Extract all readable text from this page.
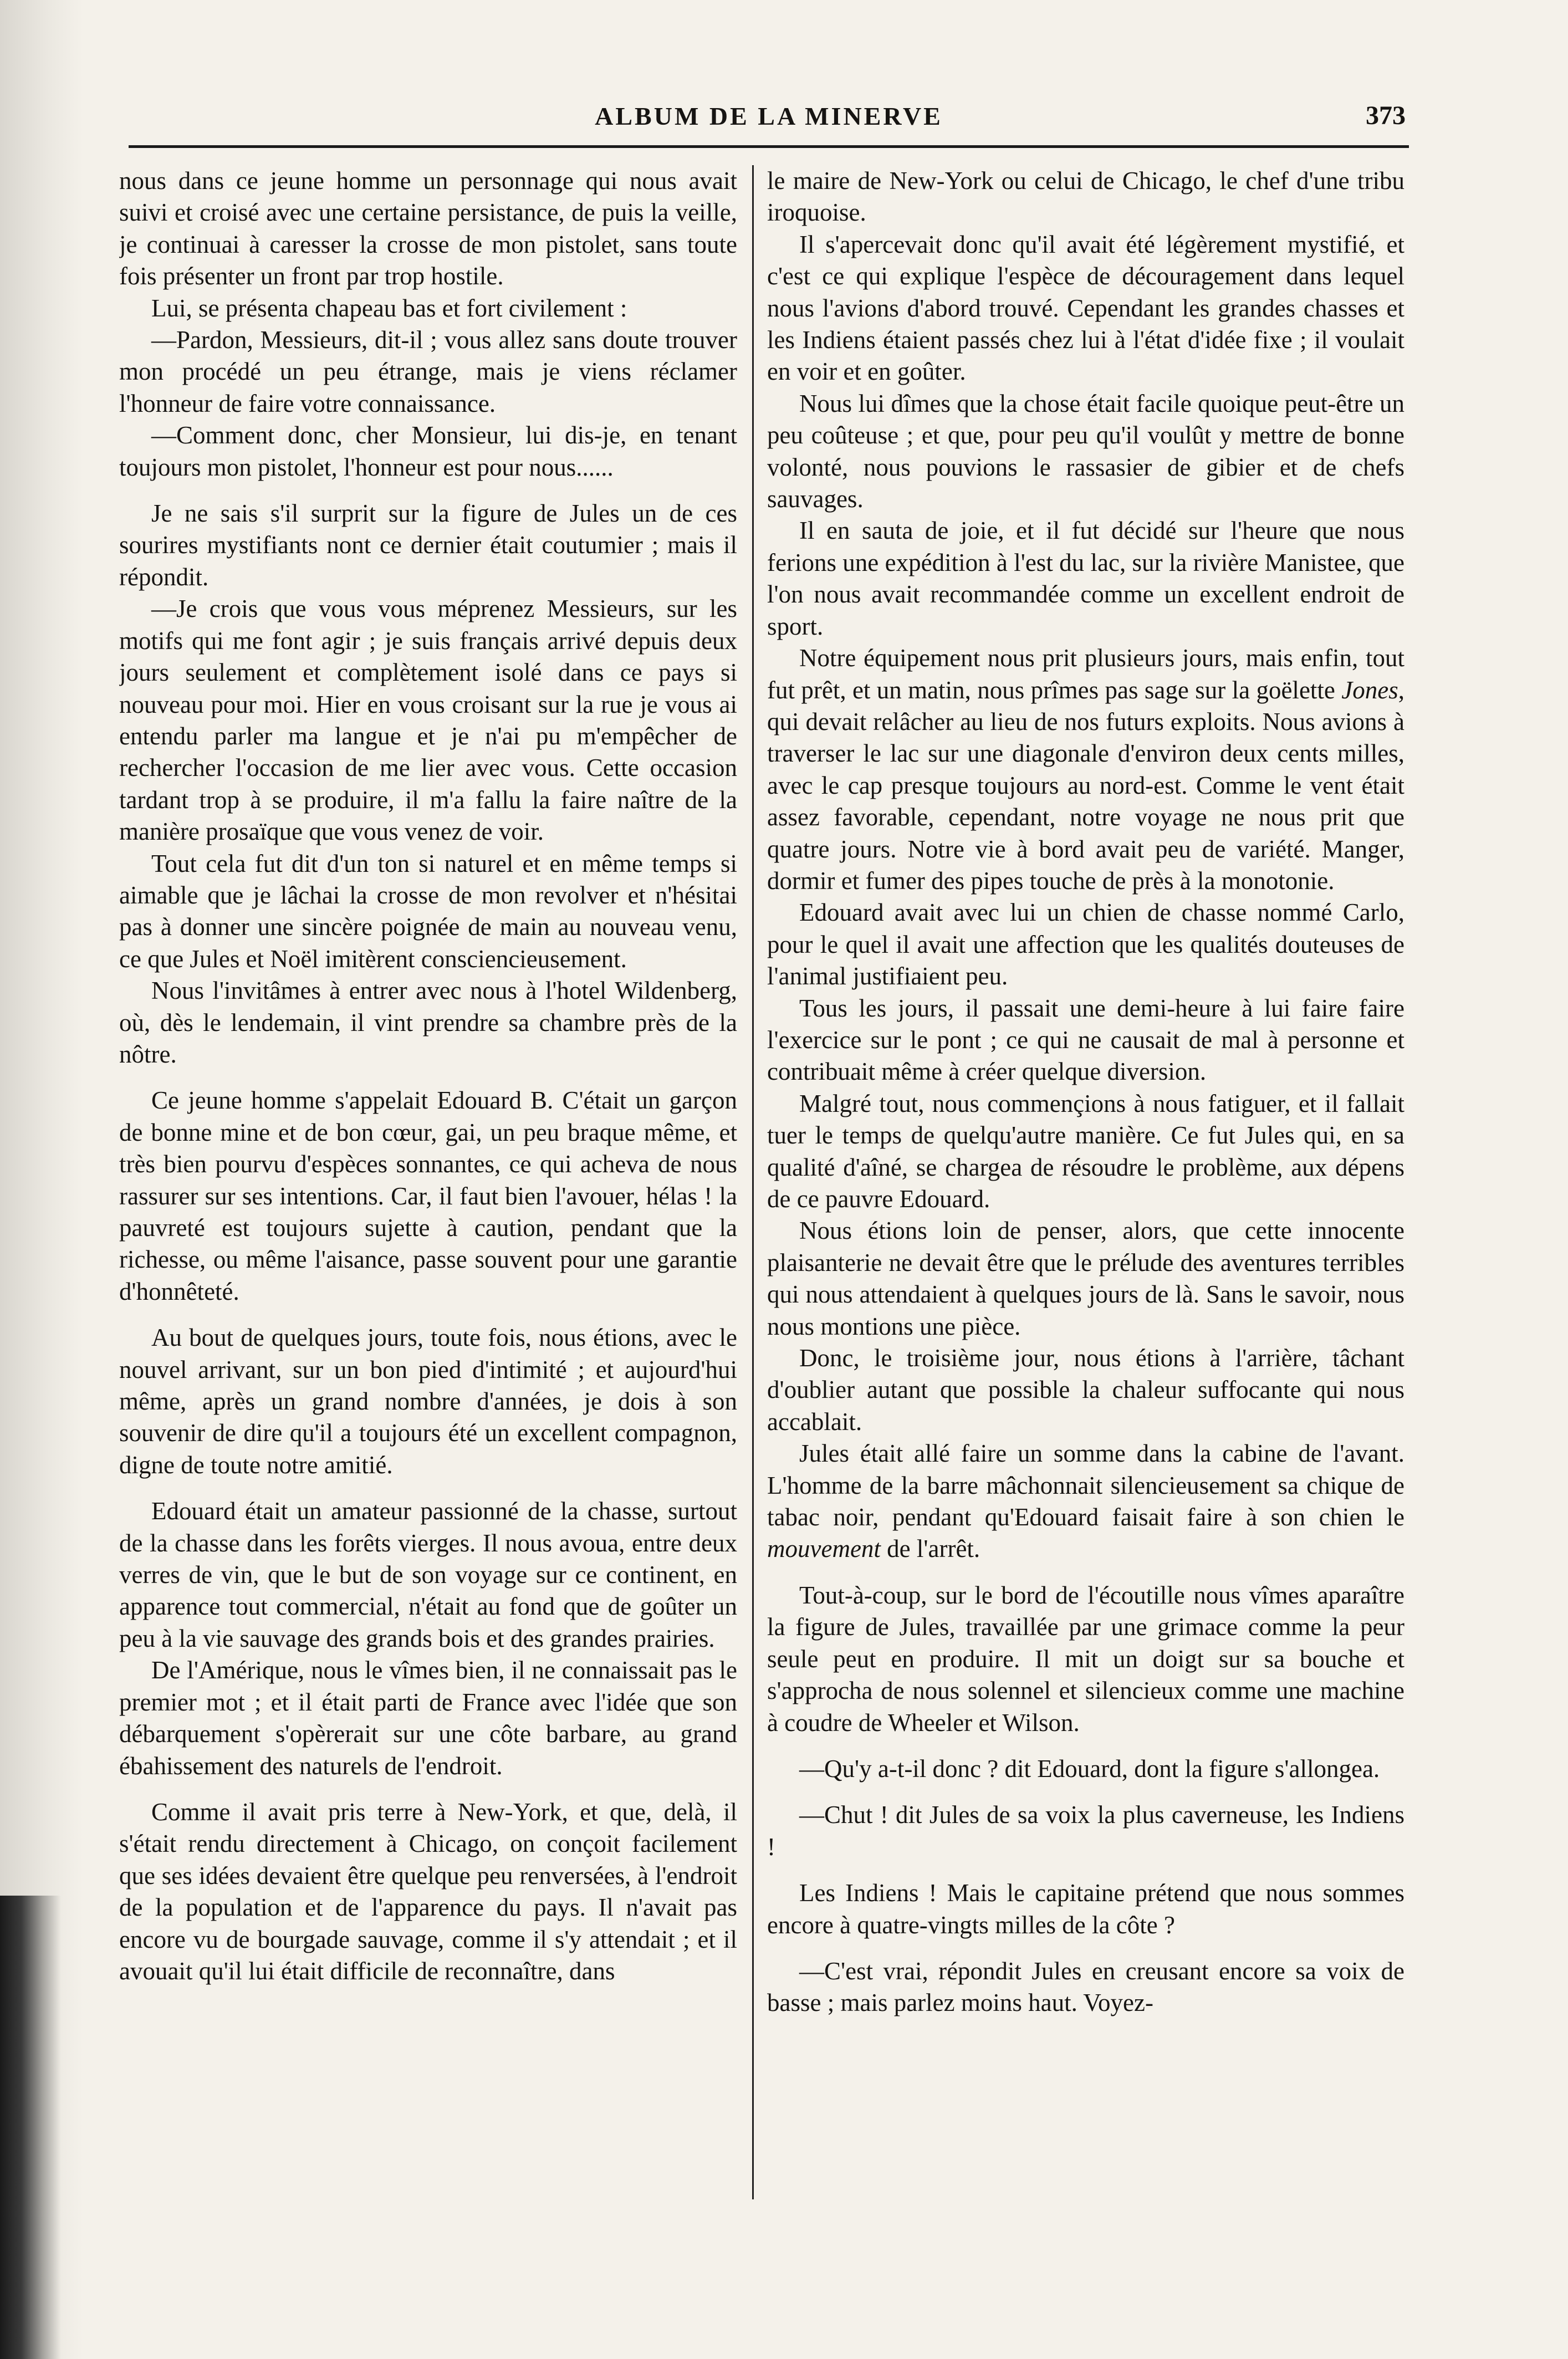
ALBUM DE LA MINERVE	373

nous dans ce jeune homme un personnage qui nous avait suivi et croisé avec une certaine persistance, de puis la veille, je continuai à caresser la crosse de mon pistolet, sans toute fois présenter un front par trop hostile.

Lui, se présenta chapeau bas et fort civilement :

—Pardon, Messieurs, dit-il ; vous allez sans doute trouver mon procédé un peu étrange, mais je viens réclamer l'honneur de faire votre connaissance.

—Comment donc, cher Monsieur, lui dis-je, en tenant toujours mon pistolet, l'honneur est pour nous......

Je ne sais s'il surprit sur la figure de Jules un de ces sourires mystifiants nont ce dernier était coutumier ; mais il répondit.

—Je crois que vous vous méprenez Messieurs, sur les motifs qui me font agir ; je suis français arrivé depuis deux jours seulement et complètement isolé dans ce pays si nouveau pour moi. Hier en vous croisant sur la rue je vous ai entendu parler ma langue et je n'ai pu m'empêcher de rechercher l'occasion de me lier avec vous. Cette occasion tardant trop à se produire, il m'a fallu la faire naître de la manière prosaïque que vous venez de voir.

Tout cela fut dit d'un ton si naturel et en même temps si aimable que je lâchai la crosse de mon revolver et n'hésitai pas à donner une sincère poignée de main au nouveau venu, ce que Jules et Noël imitèrent consciencieusement.

Nous l'invitâmes à entrer avec nous à l'hotel Wildenberg, où, dès le lendemain, il vint prendre sa chambre près de la nôtre.

Ce jeune homme s'appelait Edouard B. C'était un garçon de bonne mine et de bon cœur, gai, un peu braque même, et très bien pourvu d'espèces sonnantes, ce qui acheva de nous rassurer sur ses intentions. Car, il faut bien l'avouer, hélas ! la pauvreté est toujours sujette à caution, pendant que la richesse, ou même l'aisance, passe souvent pour une garantie d'honnêteté.

Au bout de quelques jours, toute fois, nous étions, avec le nouvel arrivant, sur un bon pied d'intimité ; et aujourd'hui même, après un grand nombre d'années, je dois à son souvenir de dire qu'il a toujours été un excellent compagnon, digne de toute notre amitié.

Edouard était un amateur passionné de la chasse, surtout de la chasse dans les forêts vierges. Il nous avoua, entre deux verres de vin, que le but de son voyage sur ce continent, en apparence tout commercial, n'était au fond que de goûter un peu à la vie sauvage des grands bois et des grandes prairies.

De l'Amérique, nous le vîmes bien, il ne connaissait pas le premier mot ; et il était parti de France avec l'idée que son débarquement s'opèrerait sur une côte barbare, au grand ébahissement des naturels de l'endroit.

Comme il avait pris terre à New-York, et que, delà, il s'était rendu directement à Chicago, on conçoit facilement que ses idées devaient être quelque peu renversées, à l'endroit de la population et de l'apparence du pays. Il n'avait pas encore vu de bourgade sauvage, comme il s'y attendait ; et il avouait qu'il lui était difficile de reconnaître, dans

le maire de New-York ou celui de Chicago, le chef d'une tribu iroquoise.

Il s'apercevait donc qu'il avait été légèrement mystifié, et c'est ce qui explique l'espèce de découragement dans lequel nous l'avions d'abord trouvé. Cependant les grandes chasses et les Indiens étaient passés chez lui à l'état d'idée fixe ; il voulait en voir et en goûter.

Nous lui dîmes que la chose était facile quoique peut-être un peu coûteuse ; et que, pour peu qu'il voulût y mettre de bonne volonté, nous pouvions le rassasier de gibier et de chefs sauvages.

Il en sauta de joie, et il fut décidé sur l'heure que nous ferions une expédition à l'est du lac, sur la rivière Manistee, que l'on nous avait recommandée comme un excellent endroit de sport.

Notre équipement nous prit plusieurs jours, mais enfin, tout fut prêt, et un matin, nous prîmes pas sage sur la goëlette Jones, qui devait relâcher au lieu de nos futurs exploits. Nous avions à traverser le lac sur une diagonale d'environ deux cents milles, avec le cap presque toujours au nord-est. Comme le vent était assez favorable, cependant, notre voyage ne nous prit que quatre jours. Notre vie à bord avait peu de variété. Manger, dormir et fumer des pipes touche de près à la monotonie.

Edouard avait avec lui un chien de chasse nommé Carlo, pour le quel il avait une affection que les qualités douteuses de l'animal justifiaient peu.

Tous les jours, il passait une demi-heure à lui faire faire l'exercice sur le pont ; ce qui ne causait de mal à personne et contribuait même à créer quelque diversion.

Malgré tout, nous commençions à nous fatiguer, et il fallait tuer le temps de quelqu'autre manière. Ce fut Jules qui, en sa qualité d'aîné, se chargea de résoudre le problème, aux dépens de ce pauvre Edouard.

Nous étions loin de penser, alors, que cette innocente plaisanterie ne devait être que le prélude des aventures terribles qui nous attendaient à quelques jours de là. Sans le savoir, nous nous montions une pièce.

Donc, le troisième jour, nous étions à l'arrière, tâchant d'oublier autant que possible la chaleur suffocante qui nous accablait.

Jules était allé faire un somme dans la cabine de l'avant. L'homme de la barre mâchonnait silencieusement sa chique de tabac noir, pendant qu'Edouard faisait faire à son chien le mouvement de l'arrêt.

Tout-à-coup, sur le bord de l'écoutille nous vîmes aparaître la figure de Jules, travaillée par une grimace comme la peur seule peut en produire. Il mit un doigt sur sa bouche et s'approcha de nous solennel et silencieux comme une machine à coudre de Wheeler et Wilson.

—Qu'y a-t-il donc ? dit Edouard, dont la figure s'allongea.

—Chut ! dit Jules de sa voix la plus caverneuse, les Indiens !

Les Indiens ! Mais le capitaine prétend que nous sommes encore à quatre-vingts milles de la côte ?

—C'est vrai, répondit Jules en creusant encore sa voix de basse ; mais parlez moins haut. Voyez-
